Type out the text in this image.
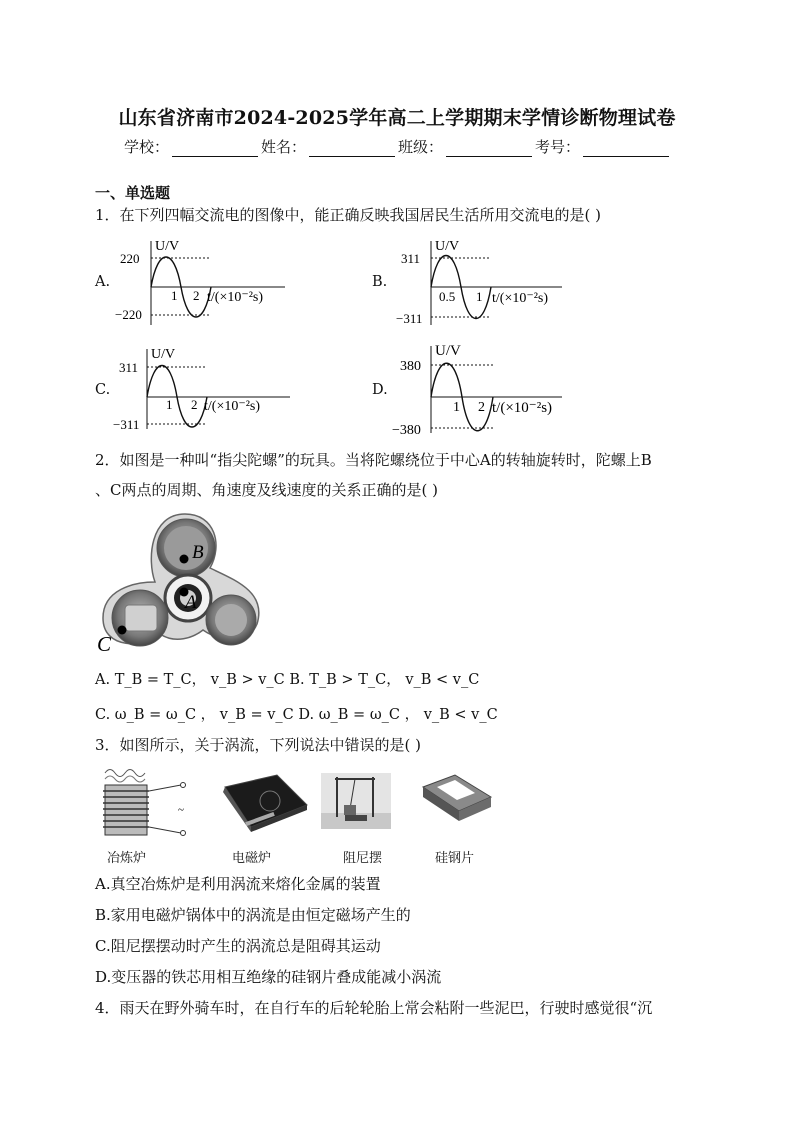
山东省济南市2024-2025学年高二上学期期末学情诊断物理试卷
学校：	姓名：	班级：	考号：
一、单选题
1．在下列四幅交流电的图像中，能正确反映我国居民生活所用交流电的是( )
A.
U/V
220
−220
1 2 t/(×10⁻²s)
B.
U/V
311
−311
0.5 1 t/(×10⁻²s)
C.
U/V
311
−311
1 2 t/(×10⁻²s)
D.
U/V
380
−380
1 2 t/(×10⁻²s)
2．如图是一种叫“指尖陀螺”的玩具。当将陀螺绕位于中心A的转轴旋转时，陀螺上B
、C两点的周期、角速度及线速度的关系正确的是( )
B
A
C
A. T_B = T_C， v_B > v_C B. T_B > T_C， v_B < v_C
C. ω_B = ω_C ， v_B = v_C D. ω_B = ω_C ， v_B < v_C
3．如图所示，关于涡流，下列说法中错误的是( )
~
冶炼炉	电磁炉	阻尼摆	硅钢片
A.真空冶炼炉是利用涡流来熔化金属的装置
B.家用电磁炉锅体中的涡流是由恒定磁场产生的
C.阻尼摆摆动时产生的涡流总是阻碍其运动
D.变压器的铁芯用相互绝缘的硅钢片叠成能减小涡流
4．雨天在野外骑车时，在自行车的后轮轮胎上常会粘附一些泥巴，行驶时感觉很“沉
